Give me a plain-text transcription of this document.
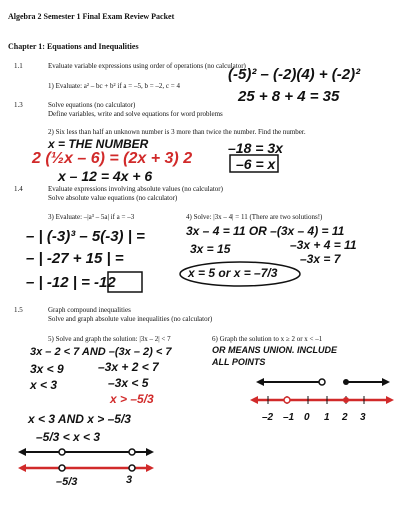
Algebra 2 Semester 1 Final Exam Review Packet
Chapter 1: Equations and Inequalities
1.1	Evaluate variable expressions using order of operations (no calculator)
1) Evaluate: a² – bc + b² if a = –5, b = –2, c = 4
(-5)² – (-2)(4) + (-2)²
25 + 8 + 4 = 35
1.3	Solve equations (no calculator)
Define variables, write and solve equations for word problems
2) Six less than half an unknown number is 3 more than twice the number. Find the number.
x = THE NUMBER
2 (½x – 6) = (2x + 3) 2
x – 12 = 4x + 6
–18 = 3x
–6 = x
1.4	Evaluate expressions involving absolute values (no calculator)
Solve absolute value equations (no calculator)
3) Evaluate: –|a³ – 5a| if a = –3	4) Solve: |3x – 4| = 11 (There are two solutions!)
– | (-3)³ – 5(-3) | =
– | -27 + 15 | =
– | -12 | = -12
3x – 4 = 11 OR –(3x – 4) = 11
3x = 15	–3x + 4 = 11
–3x = 7
x = 5 or x = –7/3
1.5	Graph compound inequalities
Solve and graph absolute value inequalities (no calculator)
5) Solve and graph the solution: |3x – 2| < 7	6) Graph the solution to x ≥ 2 or x < –1
3x – 2 < 7 AND –(3x – 2) < 7
3x < 9	–3x + 2 < 7
x < 3	–3x < 5
x > –5/3
x < 3 AND x > –5/3
–5/3 < x < 3
OR MEANS UNION. INCLUDE
ALL POINTS
–5/3	3
–2 –1 0 1 2 3
